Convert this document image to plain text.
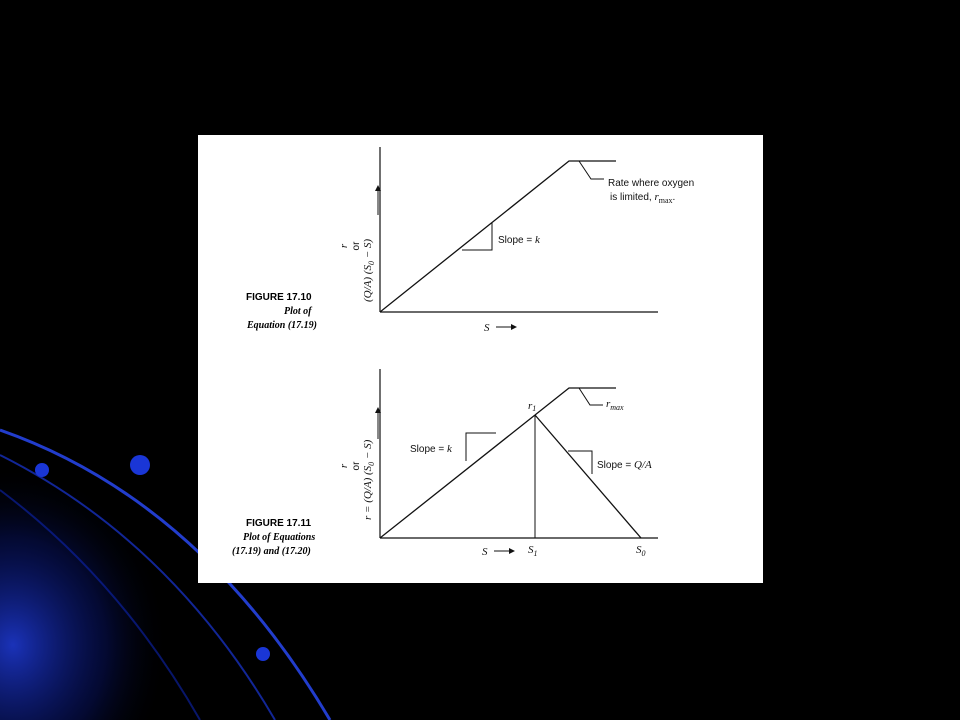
FIGURE 17.10
Plot of
Equation (17.19)
r or
(Q/A) $(S_0 - S)$	Slope = k
Rate where oxygen
is limited, $r_{max}$.
S
FIGURE 17.11
Plot of Equations
(17.19) and (17.20)
r or r = (Q/A) $(S_0 - S)$	Slope = k
Slope = Q/A
r1	$r_{max}$
S	$S_1$	$S_0$
